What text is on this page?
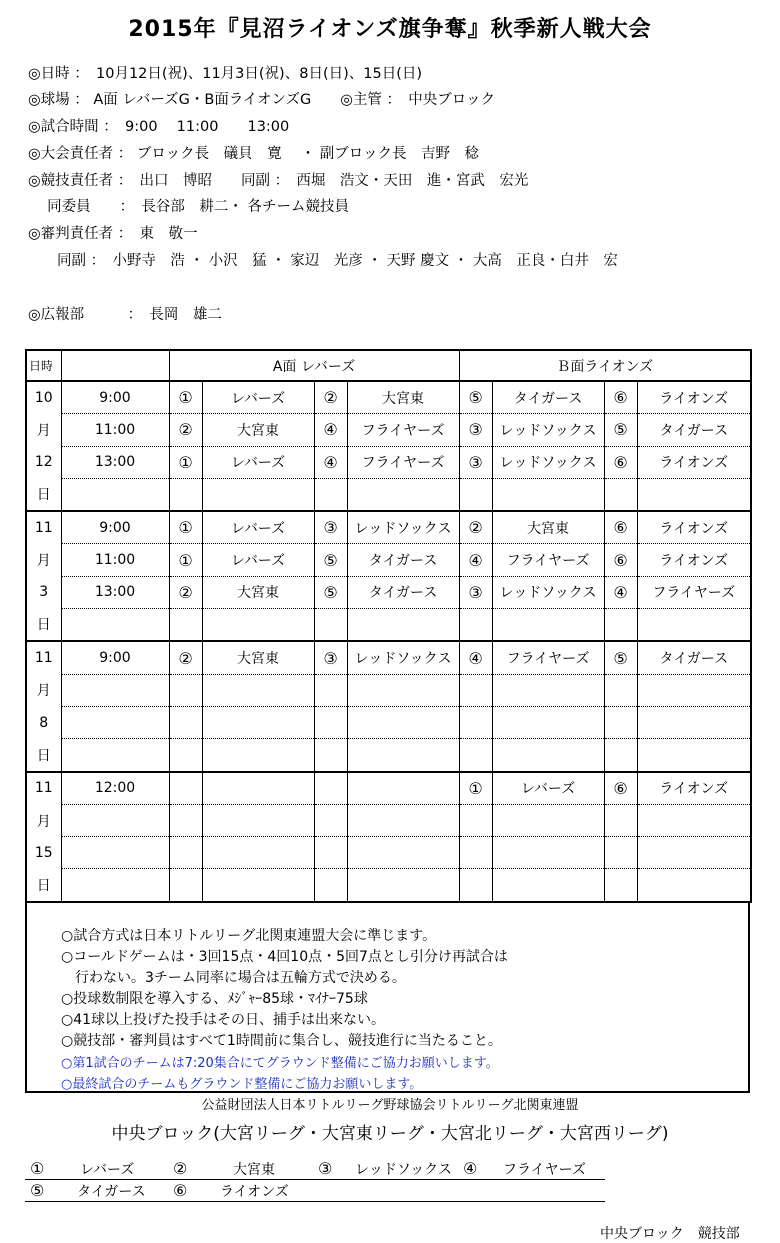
2015年『見沼ライオンズ旗争奪』秋季新人戦大会
◎日時 ：　10月12日(祝)、11月3日(祝)、8日(日)、15日(日)
◎球場 ： A面 レバーズG・B面ライオンズG　　◎主管 ：　中央ブロック
◎試合時間 ：　9:00　 11:00　　13:00
◎大会責任者 ： ブロック長　礒貝　寛　 ・ 副ブロック長　吉野　稔
◎競技責任者 ：　出口　博昭　　同副 ：　西堀　浩文・天田　進・宮武　宏光
　 同委員　　：　長谷部　耕二・ 各チーム競技員
◎審判責任者 ：　東　敬一
　　同副 ：　小野寺　浩 ・ 小沢　猛 ・ 家辺　光彦 ・ 天野 慶文 ・ 大高　正良・白井　宏
◎広報部　　　：　長岡　雄二
日時		A面 レバーズ				Ｂ面ライオンズ			
10	9:00	①	レバーズ	②	大宮東	⑤	タイガース	⑥	ライオンズ
月	11:00	②	大宮東	④	フライヤーズ	③	レッドソックス	⑤	タイガース
12	13:00	①	レバーズ	④	フライヤーズ	③	レッドソックス	⑥	ライオンズ
日									
11	9:00	①	レバーズ	③	レッドソックス	②	大宮東	⑥	ライオンズ
月	11:00	①	レバーズ	⑤	タイガース	④	フライヤーズ	⑥	ライオンズ
3	13:00	②	大宮東	⑤	タイガース	③	レッドソックス	④	フライヤーズ
日									
11	9:00	②	大宮東	③	レッドソックス	④	フライヤーズ	⑤	タイガース
月									
8									
日									
11	12:00					①	レバーズ	⑥	ライオンズ
月									
15									
日									
○試合方式は日本リトルリーグ北関東連盟大会に準じます。
○コールドゲームは・3回15点・4回10点・5回7点とし引分け再試合は
　行わない。3チーム同率に場合は五輪方式で決める。
○投球数制限を導入する、ﾒｼﾞｬｰ85球・ﾏｲﾅｰ75球
○41球以上投げた投手はその日、捕手は出来ない。
○競技部・審判員はすべて1時間前に集合し、競技進行に当たること。
○第1試合のチームは7:20集合にてグラウンド整備にご協力お願いします。
○最終試合のチームもグラウンド整備にご協力お願いします。
公益財団法人日本リトルリーグ野球協会リトルリーグ北関東連盟
中央ブロック(大宮リーグ・大宮東リーグ・大宮北リーグ・大宮西リーグ)
①	レバーズ ②	大宮東	③ レッドソックス ④ フライヤーズ
⑤ タイガース ⑥ ライオンズ
中央ブロック　競技部
